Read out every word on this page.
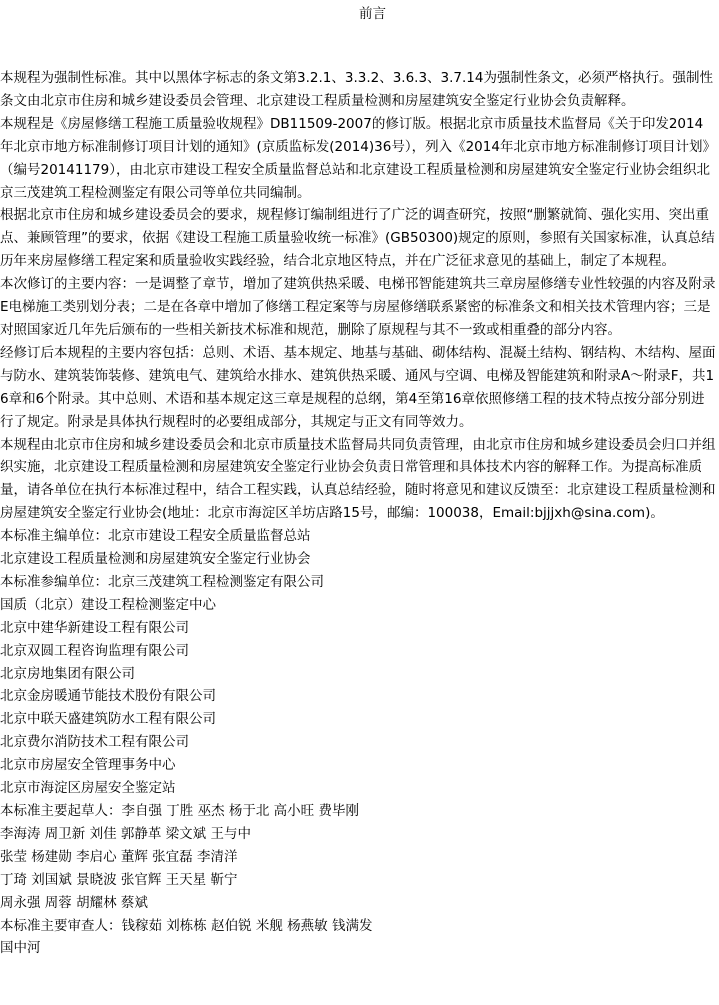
前言

本规程为强制性标准。其中以黑体字标志的条文第3.2.1、3.3.2、3.6.3、3.7.14为强制性条文，必须严格执行。强制性条文由北京市住房和城乡建设委员会管理、北京建设工程质量检测和房屋建筑安全鉴定行业协会负责解释。

本规程是《房屋修缮工程施工质量验收规程》DB11509-2007的修订版。根据北京市质量技术监督局《关于印发2014年北京市地方标准制修订项目计划的通知》(京质监标发(2014)36号），列入《2014年北京市地方标准制修订项目计划》（编号20141179），由北京市建设工程安全质量监督总站和北京建设工程质量检测和房屋建筑安全鉴定行业协会组织北京三茂建筑工程检测鉴定有限公司等单位共同编制。

根据北京市住房和城乡建设委员会的要求，规程修订编制组进行了广泛的调查研究，按照“删繁就简、强化实用、突出重点、兼顾管理”的要求，依据《建设工程施工质量验收统一标准》(GB50300)规定的原则，参照有关国家标准，认真总结历年来房屋修缮工程定案和质量验收实践经验，结合北京地区特点，并在广泛征求意见的基础上，制定了本规程。

本次修订的主要内容：一是调整了章节，增加了建筑供热采暖、电梯邗智能建筑共三章房屋修缮专业性较强的内容及附录E电梯施工类别划分表；二是在各章中增加了修缮工程定案等与房屋修缮联系紧密的标准条文和相关技术管理内容；三是对照国家近几年先后颁布的一些相关新技术标准和规范，删除了原规程与其不一致或相重叠的部分内容。

经修订后本规程的主要内容包括：总则、术语、基本规定、地基与基础、砌体结构、混凝土结构、钢结构、木结构、屋面与防水、建筑装饰装修、建筑电气、建筑给水排水、建筑供热采暖、通风与空调、电梯及智能建筑和附录A～附录F，共16章和6个附录。其中总则、术语和基本规定这三章是规程的总纲，第4至第16章依照修缮工程的技术特点按分部分别进行了规定。附录是具体执行规程时的必要组成部分，其规定与正文有同等效力。

本规程由北京市住房和城乡建设委员会和北京市质量技术监督局共同负责管理，由北京市住房和城乡建设委员会归口并组织实施，北京建设工程质量检测和房屋建筑安全鉴定行业协会负责日常管理和具体技术内容的解释工作。为提高标准质量，请各单位在执行本标准过程中，结合工程实践，认真总结经验，随时将意见和建议反馈至：北京建设工程质量检测和房屋建筑安全鉴定行业协会(地址：北京市海淀区羊坊店路15号，邮编：100038，Email:bjjjxh@sina.com)。

本标准主编单位：北京市建设工程安全质量监督总站

北京建设工程质量检测和房屋建筑安全鉴定行业协会

本标准参编单位：北京三茂建筑工程检测鉴定有限公司

国质（北京）建设工程检测鉴定中心

北京中建华新建设工程有限公司

北京双圆工程咨询监理有限公司

北京房地集团有限公司

北京金房暖通节能技术股份有限公司

北京中联天盛建筑防水工程有限公司

北京费尔消防技术工程有限公司

北京市房屋安全管理事务中心

北京市海淀区房屋安全鉴定站

本标准主要起草人：李自强 丁胜 巫杰 杨于北 高小旺 费毕刚

李海涛 周卫新 刘佳 郭静革 梁文斌 王与中

张莹 杨建勋 李启心 董辉 张宜磊 李清洋

丁琦 刘国斌 景晓波 张官辉 王天星 靳宁

周永强 周蓉 胡耀林 蔡斌

本标准主要审查人：钱稼茹 刘栋栋 赵伯锐 米舰 杨燕敏 钱满发

国中河
